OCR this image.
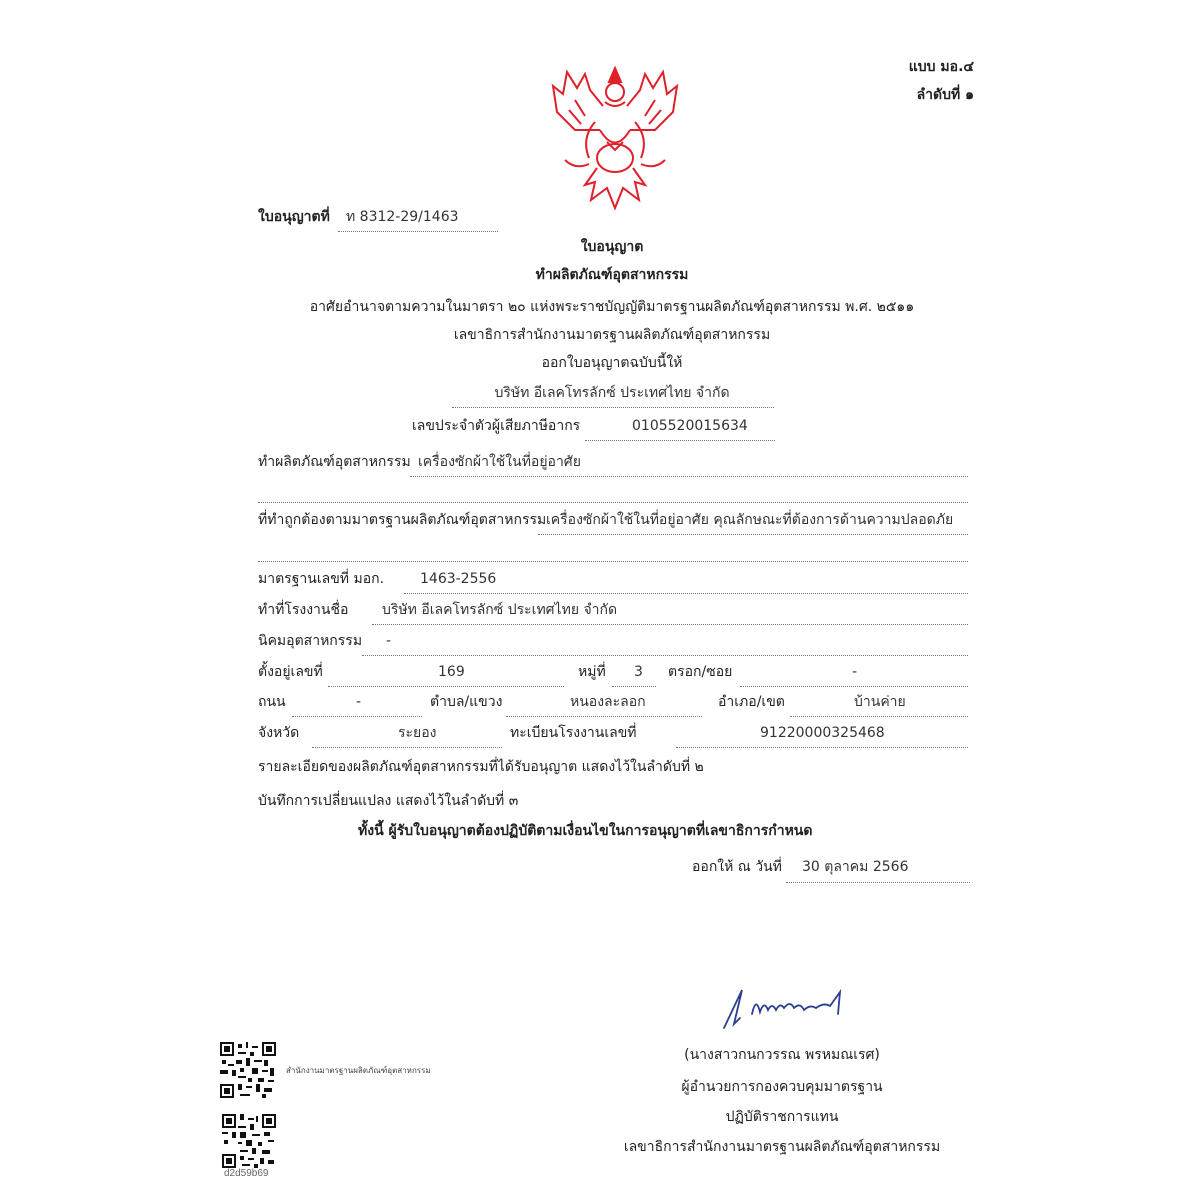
แบบ มอ.๔
ลำดับที่ ๑
ใบอนุญาตที่ ท 8312-29/1463
ใบอนุญาต
ทำผลิตภัณฑ์อุตสาหกรรม
อาศัยอำนาจตามความในมาตรา ๒๐ แห่งพระราชบัญญัติมาตรฐานผลิตภัณฑ์อุตสาหกรรม พ.ศ. ๒๕๑๑
เลขาธิการสำนักงานมาตรฐานผลิตภัณฑ์อุตสาหกรรม
ออกใบอนุญาตฉบับนี้ให้
บริษัท อีเลคโทรลักซ์ ประเทศไทย จำกัด
เลขประจำตัวผู้เสียภาษีอากร	0105520015634
ทำผลิตภัณฑ์อุตสาหกรรม เครื่องซักผ้าใช้ในที่อยู่อาศัย
ที่ทำถูกต้องตามมาตรฐานผลิตภัณฑ์อุตสาหกรรม เครื่องซักผ้าใช้ในที่อยู่อาศัย คุณลักษณะที่ต้องการด้านความปลอดภัย
มาตรฐานเลขที่ มอก.	1463-2556
ทำที่โรงงานชื่อ บริษัท อีเลคโทรลักซ์ ประเทศไทย จำกัด
นิคมอุตสาหกรรม -
ตั้งอยู่เลขที่	169	หมู่ที่ 3 ตรอก/ซอย	-
ถนน	-	ตำบล/แขวง	หนองละลอก	อำเภอ/เขต	บ้านค่าย
จังหวัด	ระยอง	ทะเบียนโรงงานเลขที่	91220000325468
รายละเอียดของผลิตภัณฑ์อุตสาหกรรมที่ได้รับอนุญาต แสดงไว้ในลำดับที่ ๒
บันทึกการเปลี่ยนแปลง แสดงไว้ในลำดับที่ ๓
ทั้งนี้ ผู้รับใบอนุญาตต้องปฏิบัติตามเงื่อนไขในการอนุญาตที่เลขาธิการกำหนด
ออกให้ ณ วันที่ 30 ตุลาคม 2566
(นางสาวกนกวรรณ พรหมณเรศ)
ผู้อำนวยการกองควบคุมมาตรฐาน
ปฏิบัติราชการแทน
เลขาธิการสำนักงานมาตรฐานผลิตภัณฑ์อุตสาหกรรม
สำนักงานมาตรฐานผลิตภัณฑ์อุตสาหกรรม
d2d59b69
